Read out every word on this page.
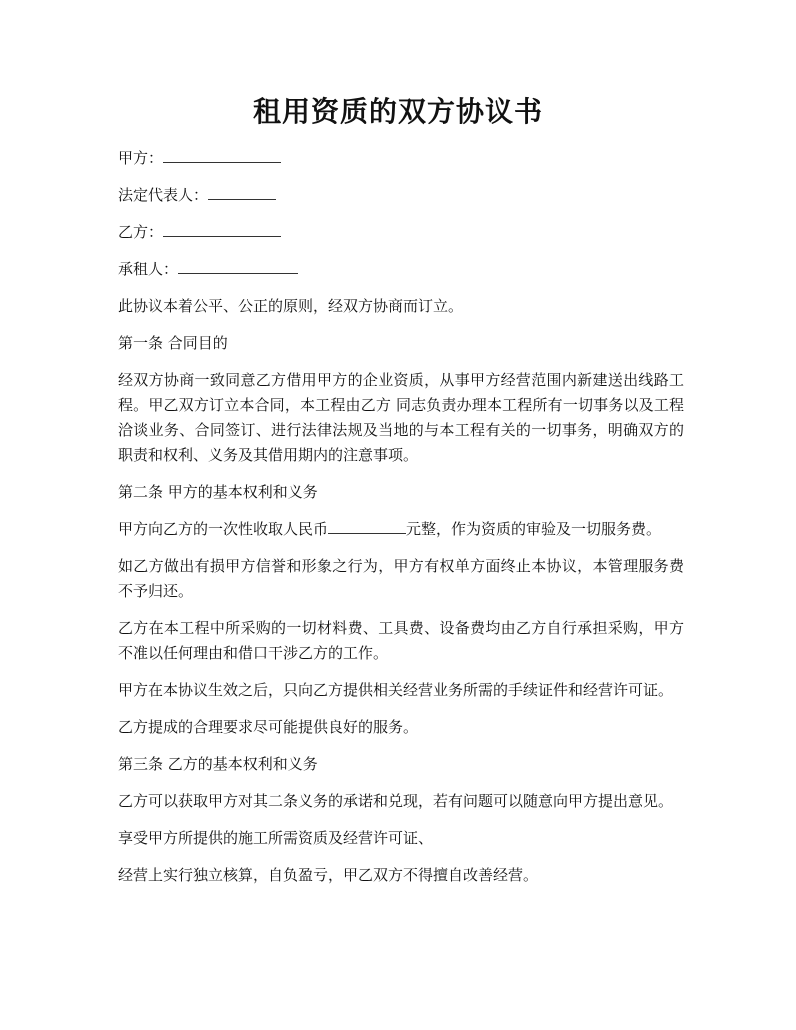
租用资质的双方协议书

甲方：

法定代表人：

乙方：

承租人：

此协议本着公平、公正的原则，经双方协商而订立。

第一条 合同目的

经双方协商一致同意乙方借用甲方的企业资质，从事甲方经营范围内新建送出线路工程。甲乙双方订立本合同，本工程由乙方 同志负责办理本工程所有一切事务以及工程洽谈业务、合同签订、进行法律法规及当地的与本工程有关的一切事务，明确双方的职责和权利、义务及其借用期内的注意事项。

第二条 甲方的基本权利和义务

甲方向乙方的一次性收取人民币	元整，作为资质的审验及一切服务费。

如乙方做出有损甲方信誉和形象之行为，甲方有权单方面终止本协议，本管理服务费不予归还。

乙方在本工程中所采购的一切材料费、工具费、设备费均由乙方自行承担采购，甲方不准以任何理由和借口干涉乙方的工作。

甲方在本协议生效之后，只向乙方提供相关经营业务所需的手续证件和经营许可证。

乙方提成的合理要求尽可能提供良好的服务。

第三条 乙方的基本权利和义务

乙方可以获取甲方对其二条义务的承诺和兑现，若有问题可以随意向甲方提出意见。

享受甲方所提供的施工所需资质及经营许可证、

经营上实行独立核算，自负盈亏，甲乙双方不得擅自改善经营。
